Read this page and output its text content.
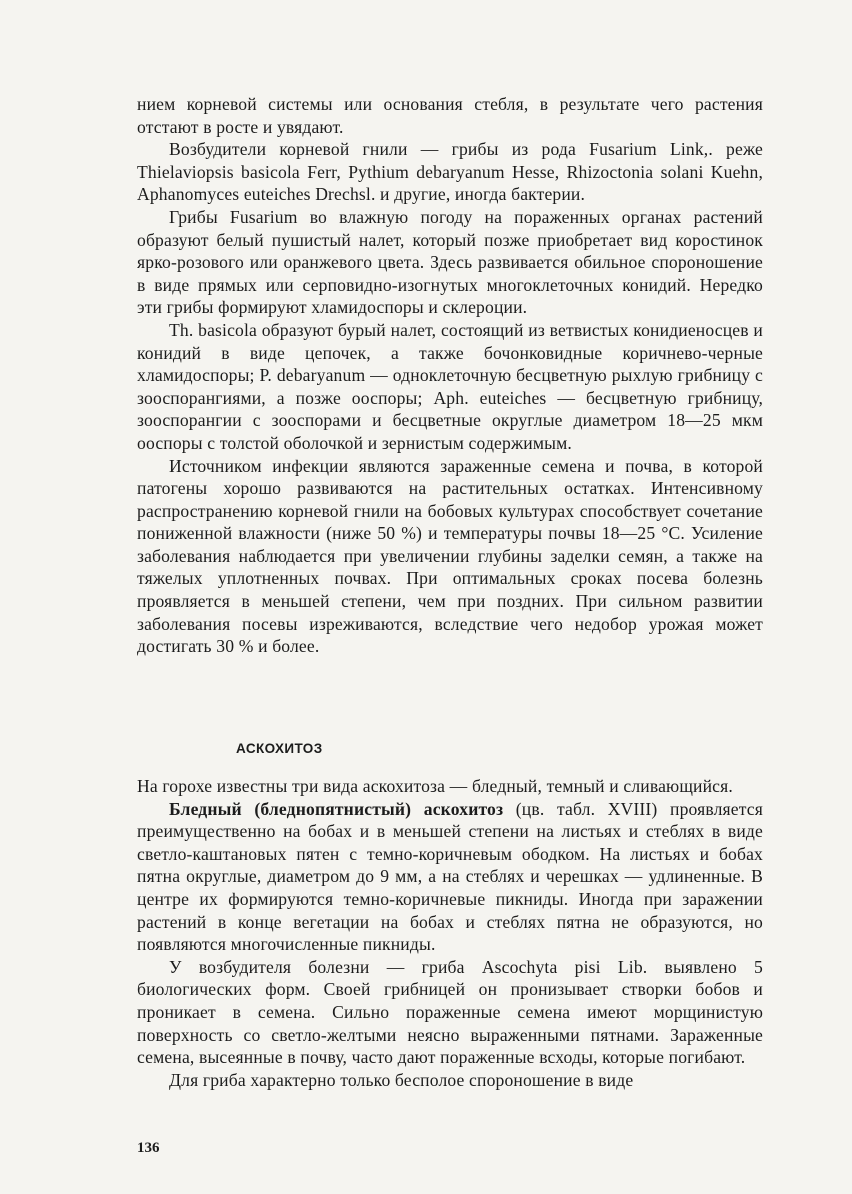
нием корневой системы или основания стебля, в результате чего растения отстают в росте и увядают.

Возбудители корневой гнили — грибы из рода Fusarium Link,. реже Thielaviopsis basicola Ferr, Pythium debaryanum Hesse, Rhizoctonia solani Kuehn, Aphanomyces euteiches Drechsl. и другие, иногда бактерии.

Грибы Fusarium во влажную погоду на пораженных органах растений образуют белый пушистый налет, который позже приобретает вид коростинок ярко-розового или оранжевого цвета. Здесь развивается обильное спороношение в виде прямых или серповидно-изогнутых многоклеточных конидий. Нередко эти грибы формируют хламидоспоры и склероции.

Th. basicola образуют бурый налет, состоящий из ветвистых конидиеносцев и конидий в виде цепочек, а также бочонковидные коричнево-черные хламидоспоры; P. debaryanum — одноклеточную бесцветную рыхлую грибницу с зооспорангиями, а позже ооспоры; Aph. euteiches — бесцветную грибницу, зооспорангии с зооспорами и бесцветные округлые диаметром 18—25 мкм ооспоры с толстой оболочкой и зернистым содержимым.

Источником инфекции являются зараженные семена и почва, в которой патогены хорошо развиваются на растительных остатках. Интенсивному распространению корневой гнили на бобовых культурах способствует сочетание пониженной влажности (ниже 50 %) и температуры почвы 18—25 °С. Усиление заболевания наблюдается при увеличении глубины заделки семян, а также на тяжелых уплотненных почвах. При оптимальных сроках посева болезнь проявляется в меньшей степени, чем при поздних. При сильном развитии заболевания посевы изреживаются, вследствие чего недобор урожая может достигать 30 % и более.

АСКОХИТОЗ

На горохе известны три вида аскохитоза — бледный, темный и сливающийся.

Бледный (бледнопятнистый) аскохитоз (цв. табл. XVIII) проявляется преимущественно на бобах и в меньшей степени на листьях и стеблях в виде светло-каштановых пятен с темно-коричневым ободком. На листьях и бобах пятна округлые, диаметром до 9 мм, а на стеблях и черешках — удлиненные. В центре их формируются темно-коричневые пикниды. Иногда при заражении растений в конце вегетации на бобах и стеблях пятна не образуются, но появляются многочисленные пикниды.

У возбудителя болезни — гриба Ascochyta pisi Lib. выявлено 5 биологических форм. Своей грибницей он пронизывает створки бобов и проникает в семена. Сильно пораженные семена имеют морщинистую поверхность со светло-желтыми неясно выраженными пятнами. Зараженные семена, высеянные в почву, часто дают пораженные всходы, которые погибают.

Для гриба характерно только бесполое спороношение в виде

136
